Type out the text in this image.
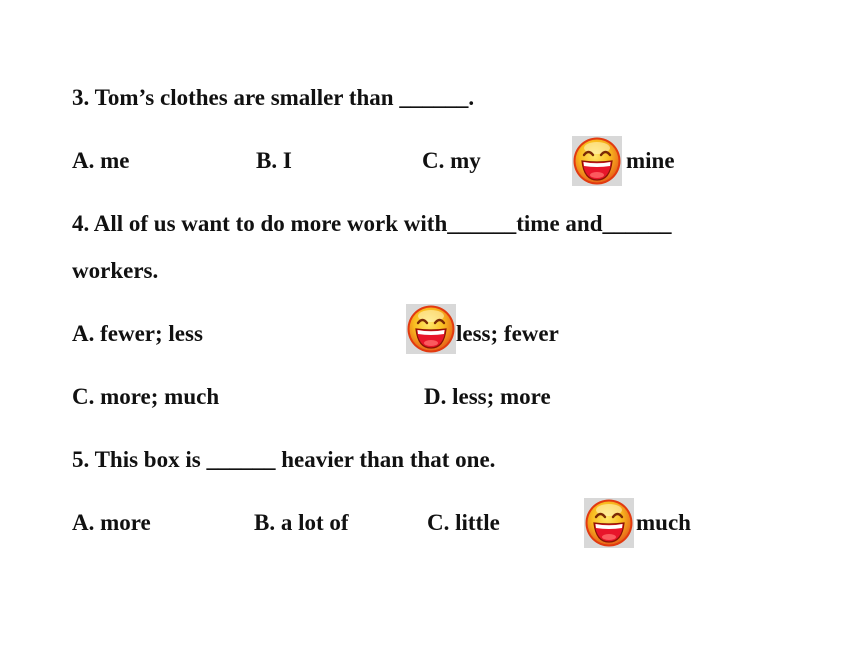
3. Tom’s clothes are smaller than ______.
A. me	B. I	C. my	mine
4. All of us want to do more work with______time and______
workers.
A. fewer; less	less; fewer
C. more; much	D. less; more
5. This box is ______ heavier than that one.
A. more	B. a lot of	C. little	much
